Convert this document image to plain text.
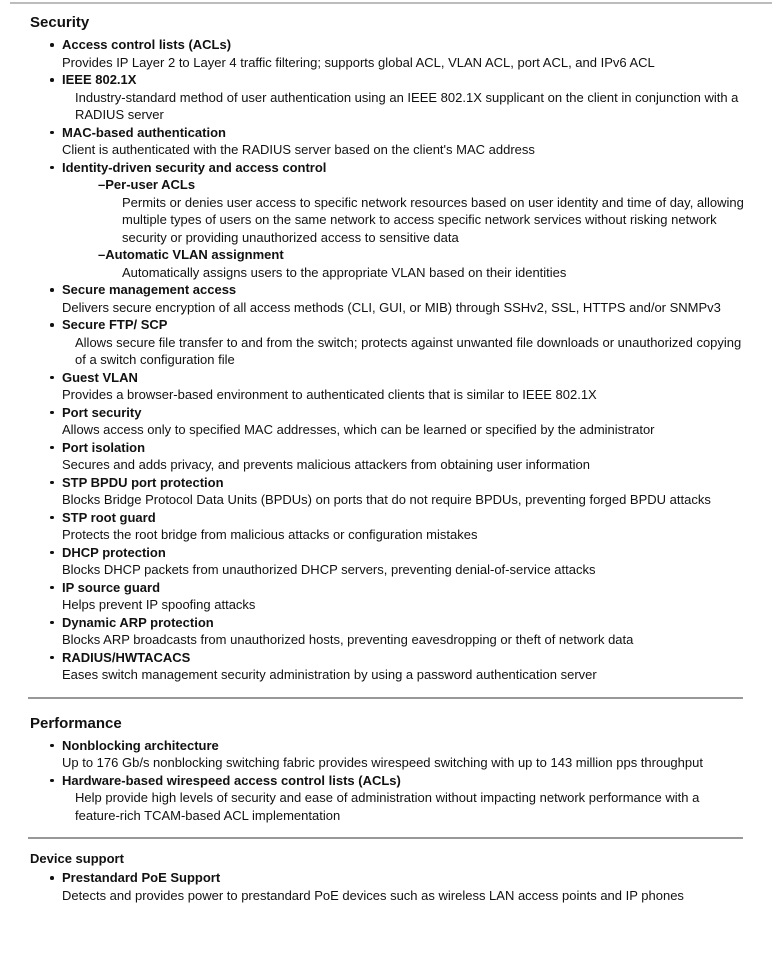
Security
Access control lists (ACLs)
Provides IP Layer 2 to Layer 4 traffic filtering; supports global ACL, VLAN ACL, port ACL, and IPv6 ACL
IEEE 802.1X
Industry-standard method of user authentication using an IEEE 802.1X supplicant on the client in conjunction with a RADIUS server
MAC-based authentication
Client is authenticated with the RADIUS server based on the client's MAC address
Identity-driven security and access control
– Per-user ACLs
Permits or denies user access to specific network resources based on user identity and time of day, allowing multiple types of users on the same network to access specific network services without risking network security or providing unauthorized access to sensitive data
– Automatic VLAN assignment
Automatically assigns users to the appropriate VLAN based on their identities
Secure management access
Delivers secure encryption of all access methods (CLI, GUI, or MIB) through SSHv2, SSL, HTTPS and/or SNMPv3
Secure FTP/ SCP
Allows secure file transfer to and from the switch; protects against unwanted file downloads or unauthorized copying of a switch configuration file
Guest VLAN
Provides a browser-based environment to authenticated clients that is similar to IEEE 802.1X
Port security
Allows access only to specified MAC addresses, which can be learned or specified by the administrator
Port isolation
Secures and adds privacy, and prevents malicious attackers from obtaining user information
STP BPDU port protection
Blocks Bridge Protocol Data Units (BPDUs) on ports that do not require BPDUs, preventing forged BPDU attacks
STP root guard
Protects the root bridge from malicious attacks or configuration mistakes
DHCP protection
Blocks DHCP packets from unauthorized DHCP servers, preventing denial-of-service attacks
IP source guard
Helps prevent IP spoofing attacks
Dynamic ARP protection
Blocks ARP broadcasts from unauthorized hosts, preventing eavesdropping or theft of network data
RADIUS/HWTACACS
Eases switch management security administration by using a password authentication server
Performance
Nonblocking architecture
Up to 176 Gb/s nonblocking switching fabric provides wirespeed switching with up to 143 million pps throughput
Hardware-based wirespeed access control lists (ACLs)
Help provide high levels of security and ease of administration without impacting network performance with a feature-rich TCAM-based ACL implementation
Device support
Prestandard PoE Support
Detects and provides power to prestandard PoE devices such as wireless LAN access points and IP phones
